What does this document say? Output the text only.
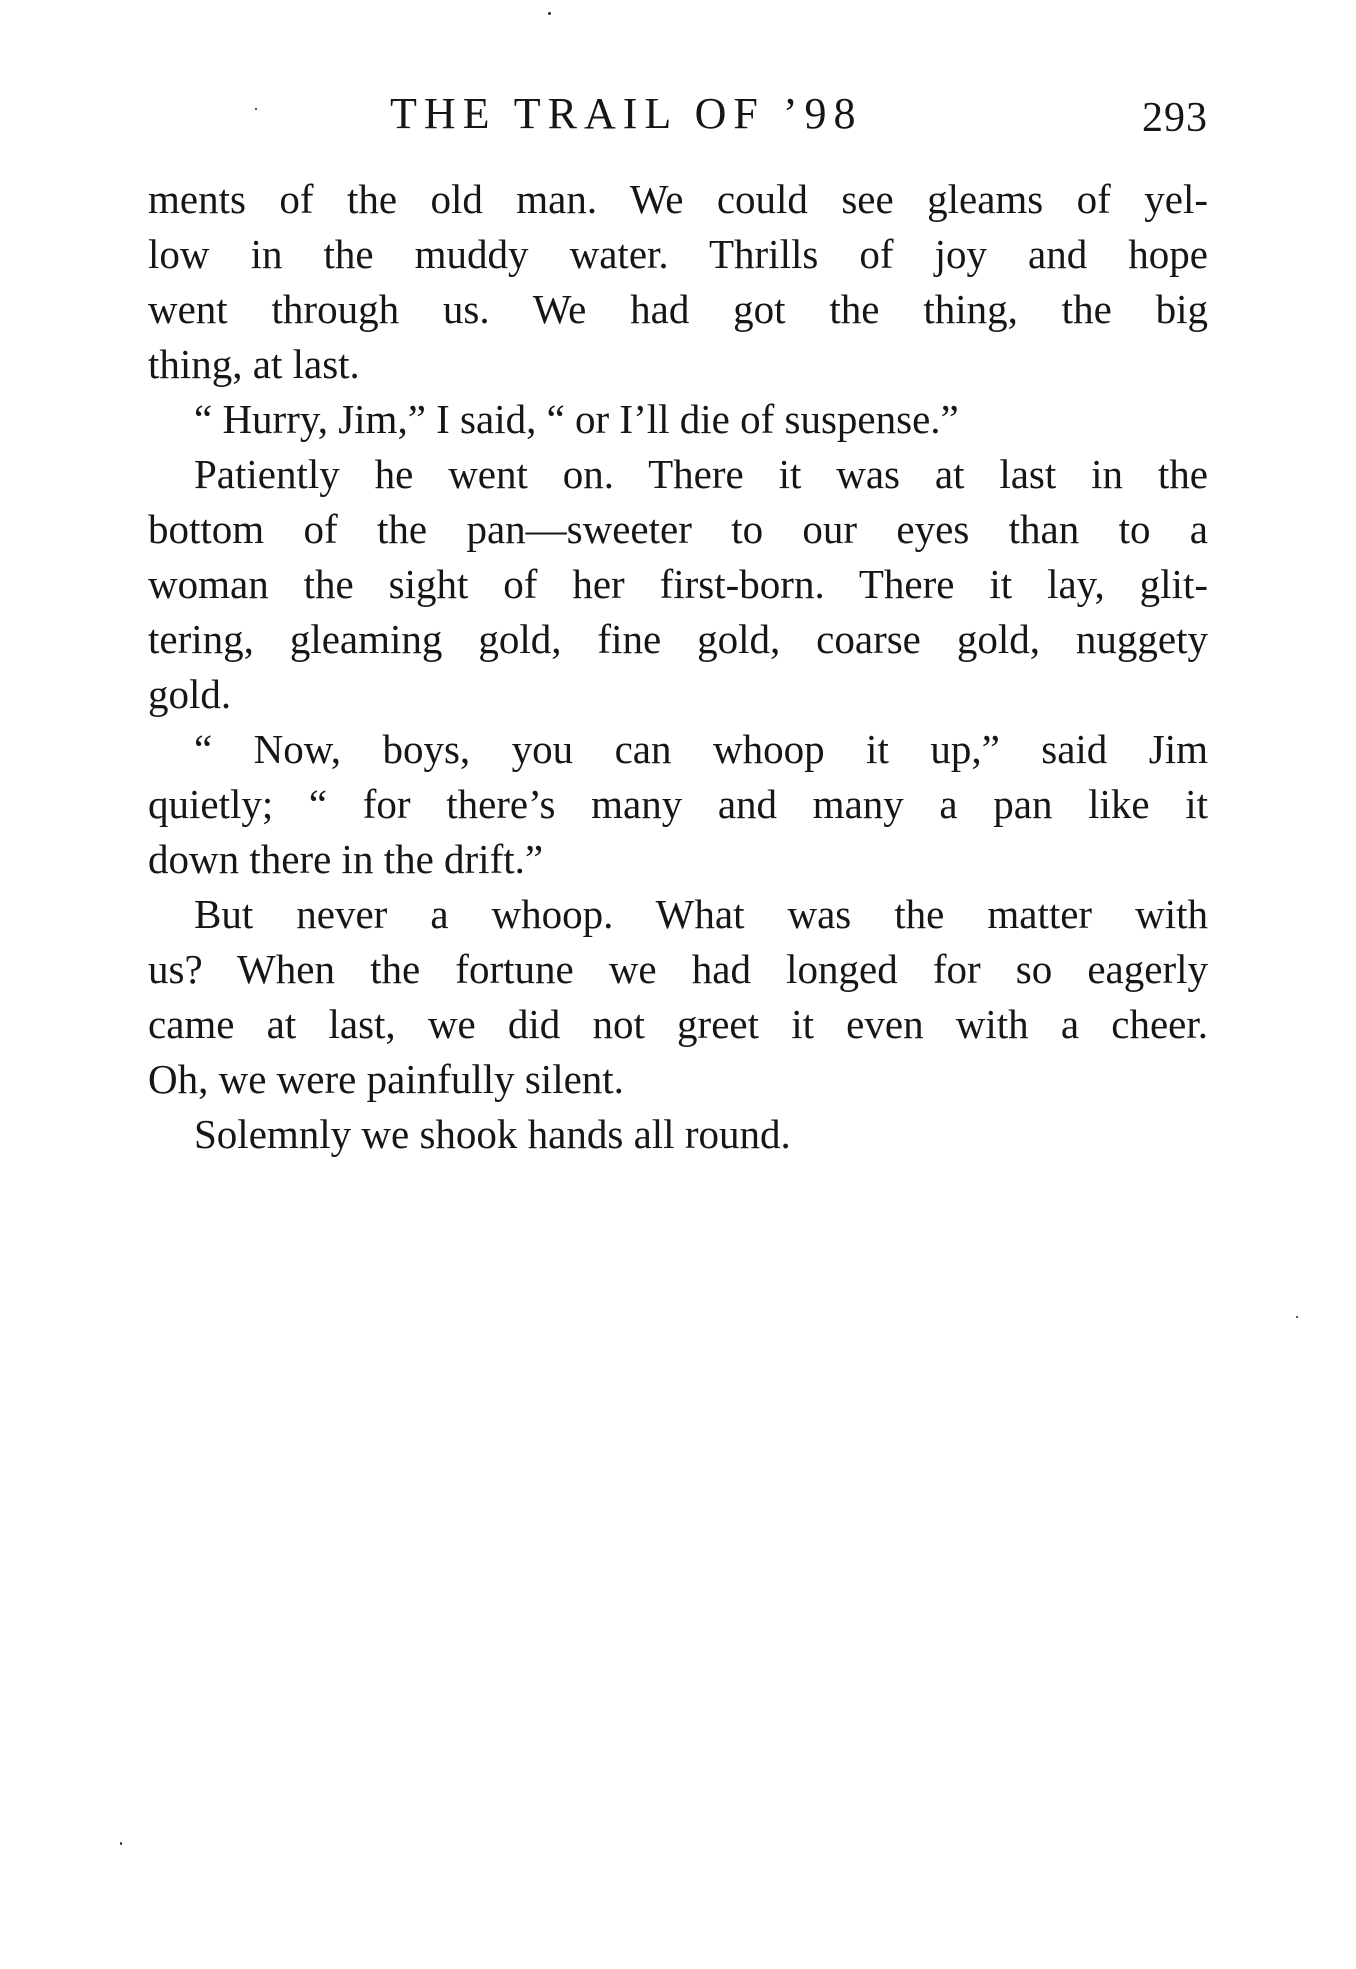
THE TRAIL OF ’98	293
ments of the old man. We could see gleams of yel-
low in the muddy water. Thrills of joy and hope
went through us. We had got the thing, the big
thing, at last.
“ Hurry, Jim,” I said, “ or I’ll die of suspense.”
Patiently he went on. There it was at last in the
bottom of the pan—sweeter to our eyes than to a
woman the sight of her first-born. There it lay, glit-
tering, gleaming gold, fine gold, coarse gold, nuggety
gold.
“ Now, boys, you can whoop it up,” said Jim
quietly; “ for there’s many and many a pan like it
down there in the drift.”
But never a whoop. What was the matter with
us? When the fortune we had longed for so eagerly
came at last, we did not greet it even with a cheer.
Oh, we were painfully silent.
Solemnly we shook hands all round.
